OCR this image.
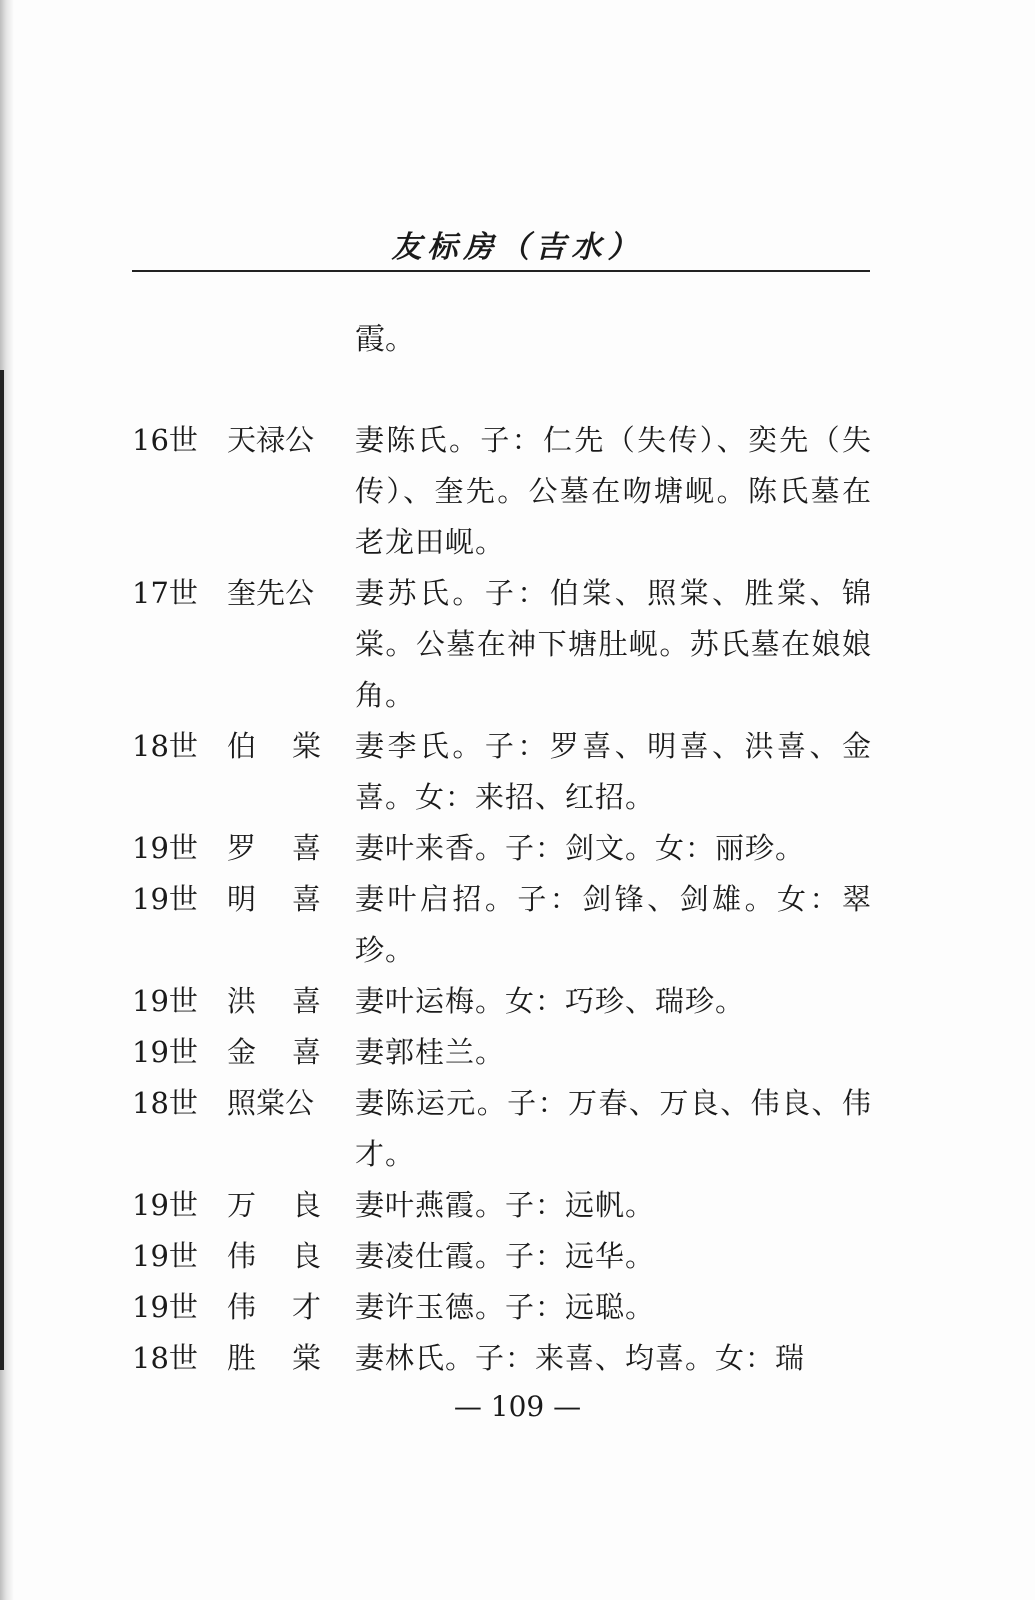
友标房（吉水）
霞。
16世	天禄公	妻陈氏。子：仁先（失传）、奕先（失传）、奎先。公墓在吻塘岘。陈氏墓在老龙田岘。
17世	奎先公	妻苏氏。子：伯棠、照棠、胜棠、锦棠。公墓在神下塘肚岘。苏氏墓在娘娘角。
18世	伯棠 妻李氏。子：罗喜、明喜、洪喜、金喜。女：来招、红招。
19世	罗喜 妻叶来香。子：剑文。女：丽珍。
19世	明喜 妻叶启招。子：剑锋、剑雄。女：翠珍。
19世	洪喜 妻叶运梅。女：巧珍、瑞珍。
19世	金喜 妻郭桂兰。
18世	照棠公	妻陈运元。子：万春、万良、伟良、伟才。
19世	万良 妻叶燕霞。子：远帆。
19世	伟良 妻凌仕霞。子：远华。
19世	伟才 妻许玉德。子：远聪。
18世	胜棠 妻林氏。子：来喜、均喜。女：瑞
— 109 —
